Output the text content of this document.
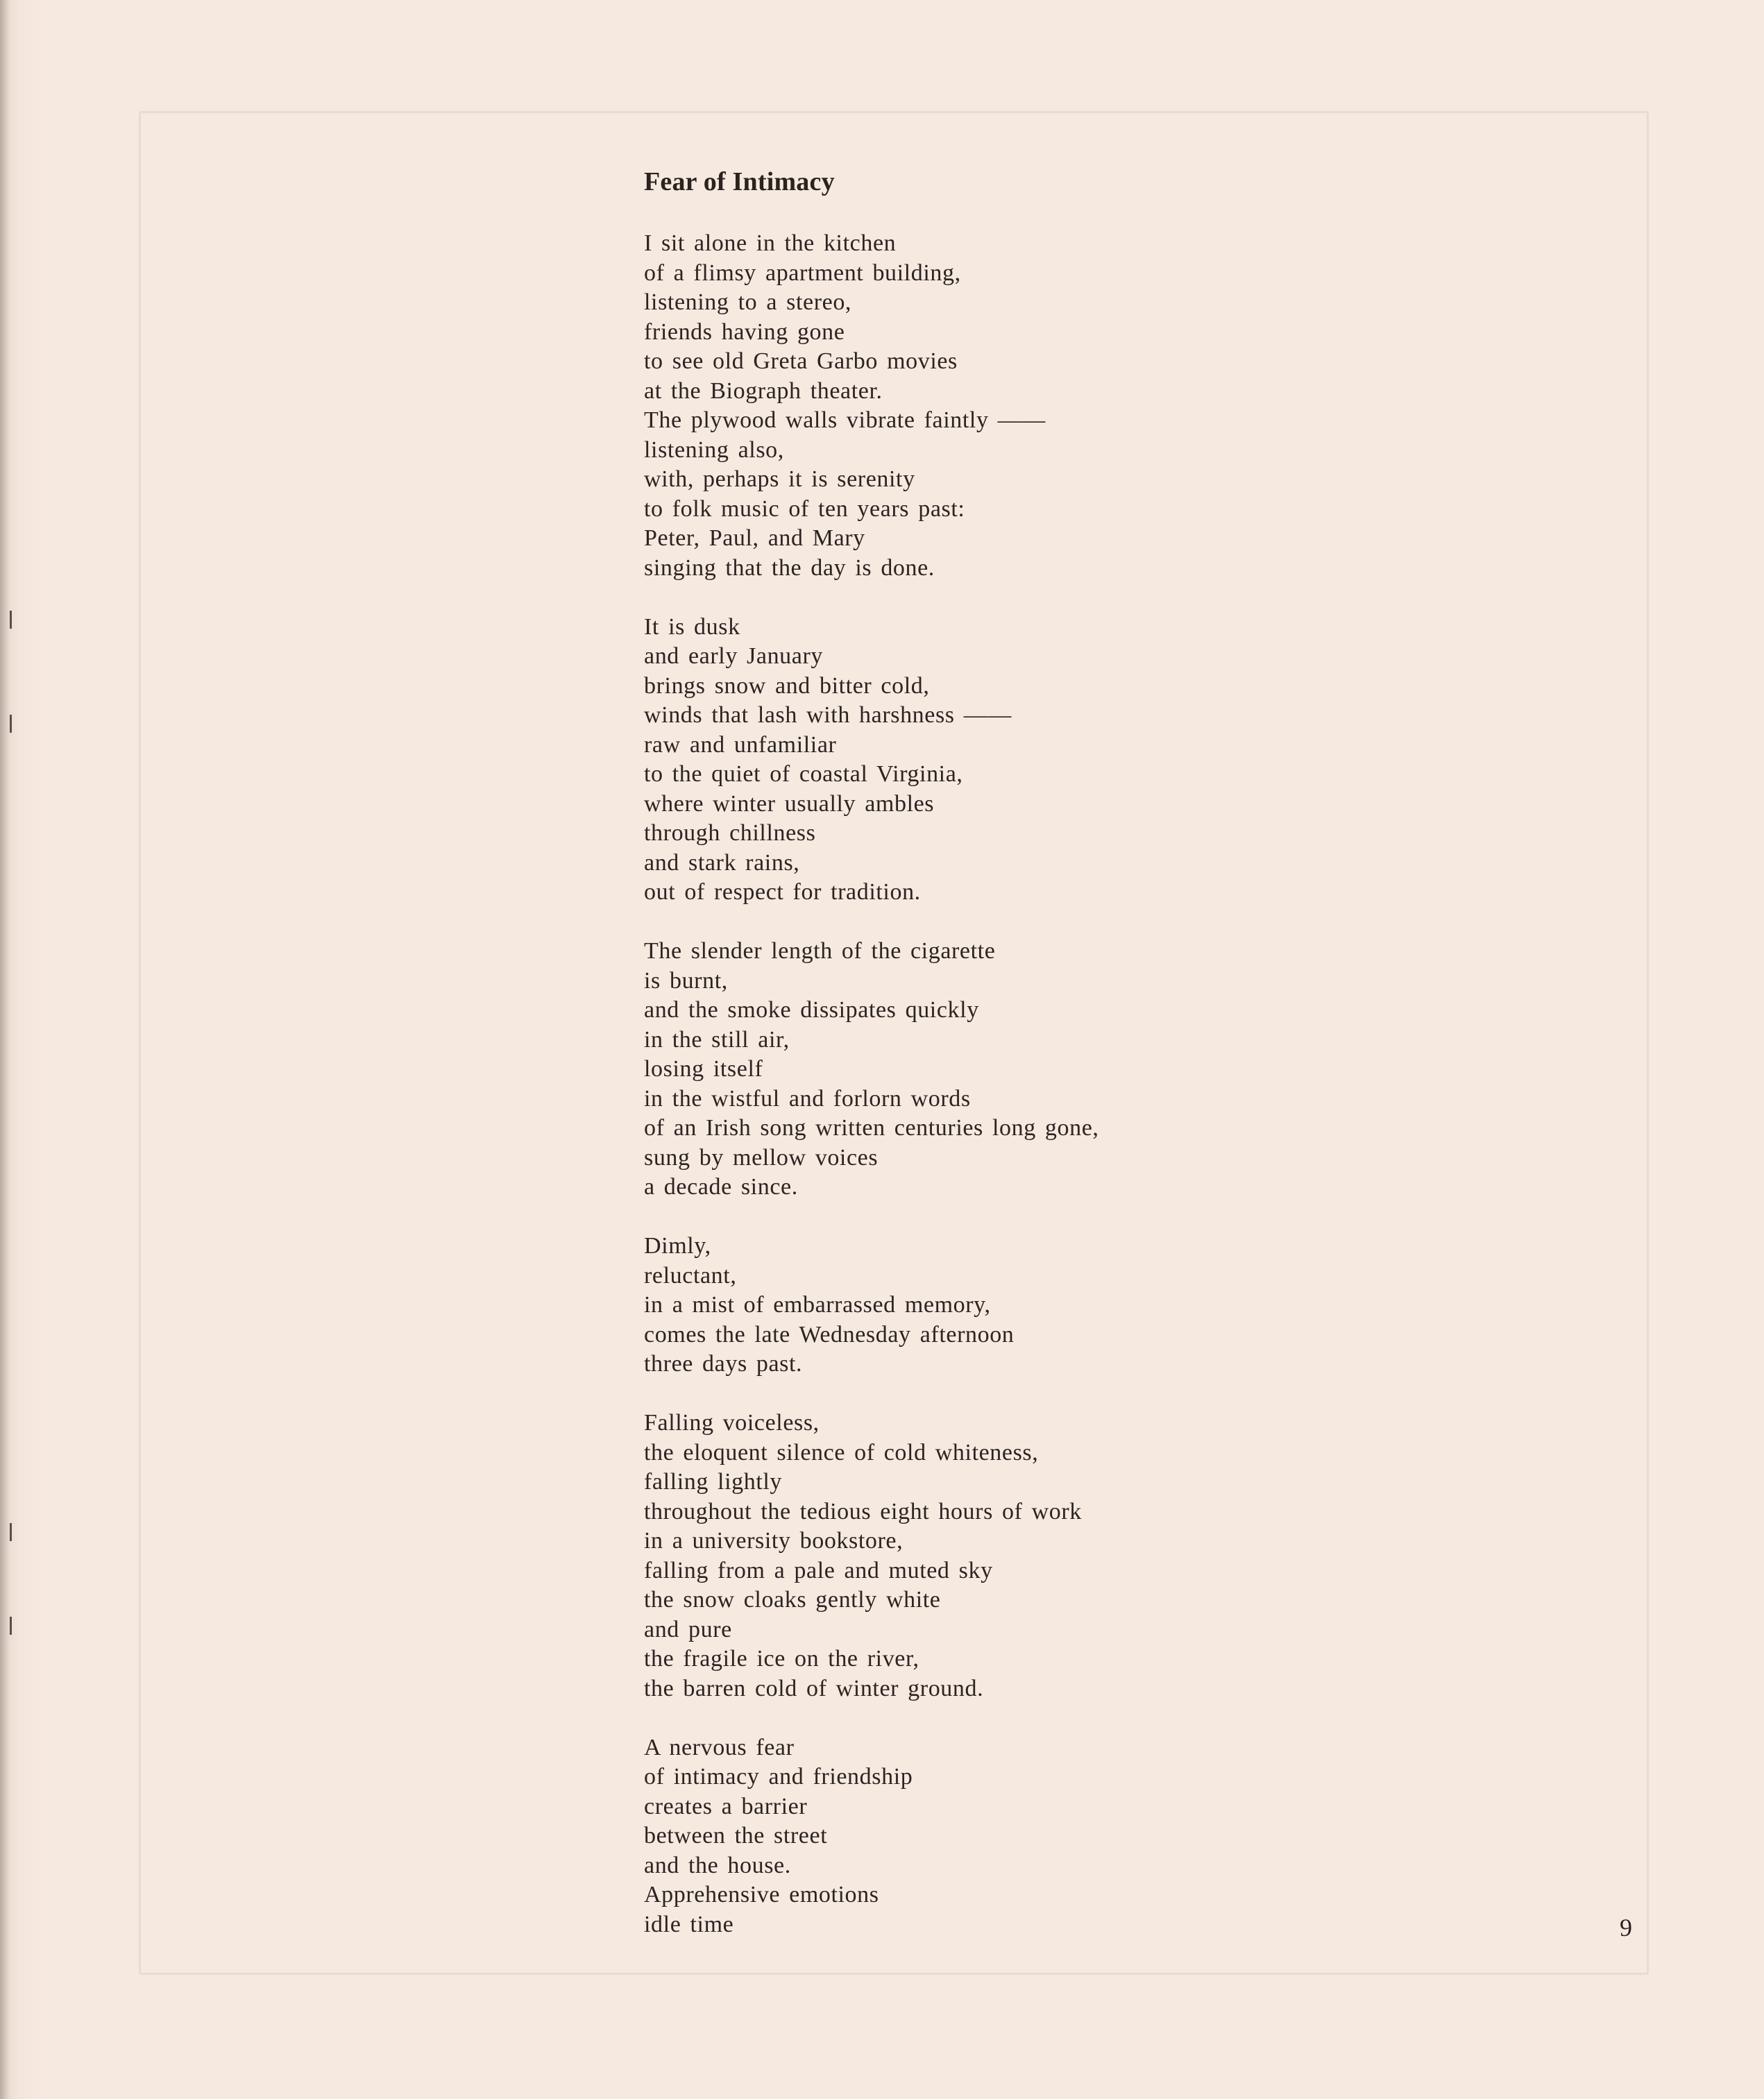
Fear of Intimacy
I sit alone in the kitchen
of a flimsy apartment building,
listening to a stereo,
friends having gone
to see old Greta Garbo movies
at the Biograph theater.
The plywood walls vibrate faintly ——
listening also,
with, perhaps it is serenity
to folk music of ten years past:
Peter, Paul, and Mary
singing that the day is done.
It is dusk
and early January
brings snow and bitter cold,
winds that lash with harshness ——
raw and unfamiliar
to the quiet of coastal Virginia,
where winter usually ambles
through chillness
and stark rains,
out of respect for tradition.
The slender length of the cigarette
is burnt,
and the smoke dissipates quickly
in the still air,
losing itself
in the wistful and forlorn words
of an Irish song written centuries long gone,
sung by mellow voices
a decade since.
Dimly,
reluctant,
in a mist of embarrassed memory,
comes the late Wednesday afternoon
three days past.
Falling voiceless,
the eloquent silence of cold whiteness,
falling lightly
throughout the tedious eight hours of work
in a university bookstore,
falling from a pale and muted sky
the snow cloaks gently white
and pure
the fragile ice on the river,
the barren cold of winter ground.
A nervous fear
of intimacy and friendship
creates a barrier
between the street
and the house.
Apprehensive emotions
idle time	9
